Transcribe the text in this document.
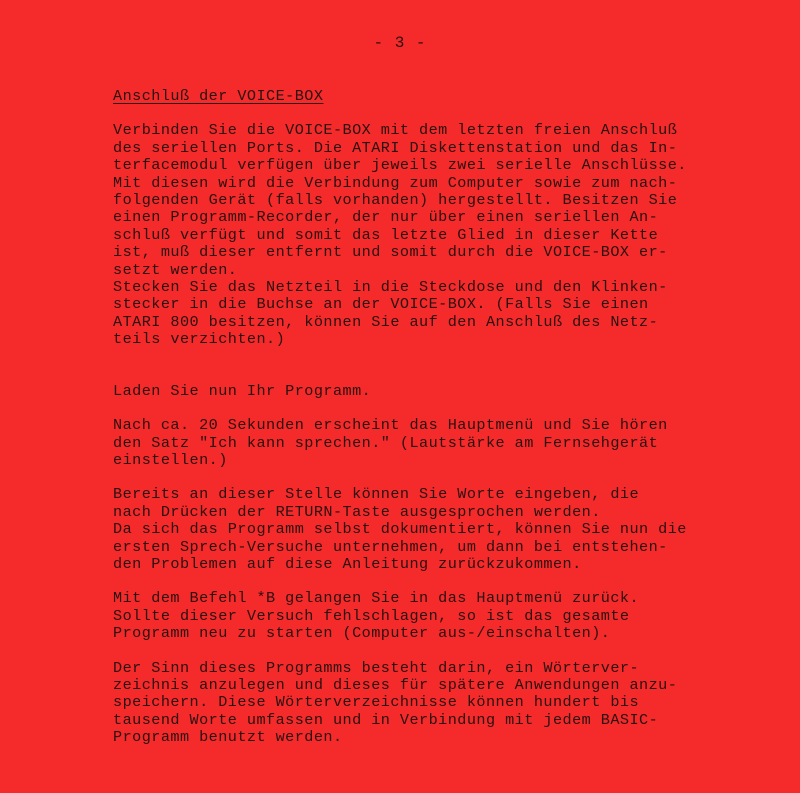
- 3 -
Anschluß der VOICE-BOX
Verbinden Sie die VOICE-BOX mit dem letzten freien Anschluß
des seriellen Ports. Die ATARI Diskettenstation und das In-
terfacemodul verfügen über jeweils zwei serielle Anschlüsse.
Mit diesen wird die Verbindung zum Computer sowie zum nach-
folgenden Gerät (falls vorhanden) hergestellt. Besitzen Sie
einen Programm-Recorder, der nur über einen seriellen An-
schluß verfügt und somit das letzte Glied in dieser Kette
ist, muß dieser entfernt und somit durch die VOICE-BOX er-
setzt werden.
Stecken Sie das Netzteil in die Steckdose und den Klinken-
stecker in die Buchse an der VOICE-BOX. (Falls Sie einen
ATARI 800 besitzen, können Sie auf den Anschluß des Netz-
teils verzichten.)
Laden Sie nun Ihr Programm.
Nach ca. 20 Sekunden erscheint das Hauptmenü und Sie hören
den Satz "Ich kann sprechen." (Lautstärke am Fernsehgerät
einstellen.)
Bereits an dieser Stelle können Sie Worte eingeben, die
nach Drücken der RETURN-Taste ausgesprochen werden.
Da sich das Programm selbst dokumentiert, können Sie nun die
ersten Sprech-Versuche unternehmen, um dann bei entstehen-
den Problemen auf diese Anleitung zurückzukommen.
Mit dem Befehl *B gelangen Sie in das Hauptmenü zurück.
Sollte dieser Versuch fehlschlagen, so ist das gesamte
Programm neu zu starten (Computer aus-/einschalten).
Der Sinn dieses Programms besteht darin, ein Wörterver-
zeichnis anzulegen und dieses für spätere Anwendungen anzu-
speichern. Diese Wörterverzeichnisse können hundert bis
tausend Worte umfassen und in Verbindung mit jedem BASIC-
Programm benutzt werden.
